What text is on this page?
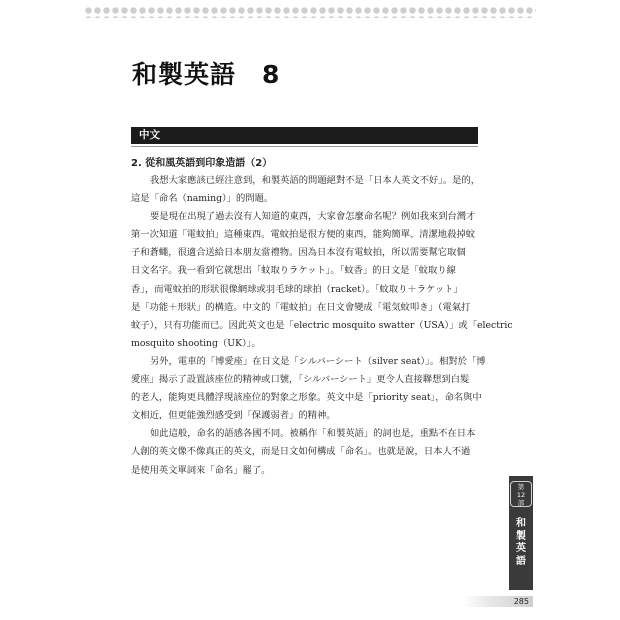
和製英語　8
中文
2. 從和風英語到印象造語（2）
我想大家應該已經注意到，和製英語的問題絕對不是「日本人英文不好」。是的，
這是「命名（naming）」的問題。
要是現在出現了過去沒有人知道的東西，大家會怎麼命名呢？例如我來到台灣才
第一次知道「電蚊拍」這種東西。電蚊拍是很方便的東西，能夠簡單、清潔地殺掉蚊
子和蒼蠅，很適合送給日本朋友當禮物。因為日本沒有電蚊拍，所以需要幫它取個
日文名字。我一看到它就想出「蚊取りラケット」。「蚊香」的日文是「蚊取り線
香」，而電蚊拍的形狀很像網球或羽毛球的球拍（racket）。「蚊取り＋ラケット」
是「功能＋形狀」的構造。中文的「電蚊拍」在日文會變成「電気蚊叩き」（電氣打
蚊子），只有功能而已。因此英文也是「electric mosquito swatter（USA）」或「electric
mosquito shooting（UK）」。
另外，電車的「博愛座」在日文是「シルバーシート（silver seat）」。相對於「博
愛座」揭示了設置該座位的精神或口號，「シルバーシート」更令人直接聯想到白髮
的老人，能夠更具體浮現該座位的對象之形象。英文中是「priority seat」，命名與中
文相近，但更能強烈感受到「保護弱者」的精神。
如此這般，命名的語感各國不同。被稱作「和製英語」的詞也是，重點不在日本
人創的英文像不像真正的英文，而是日文如何構成「命名」。也就是說，日本人不過
是使用英文單詞來「命名」罷了。
第
12
部
和
製
英
語
285
